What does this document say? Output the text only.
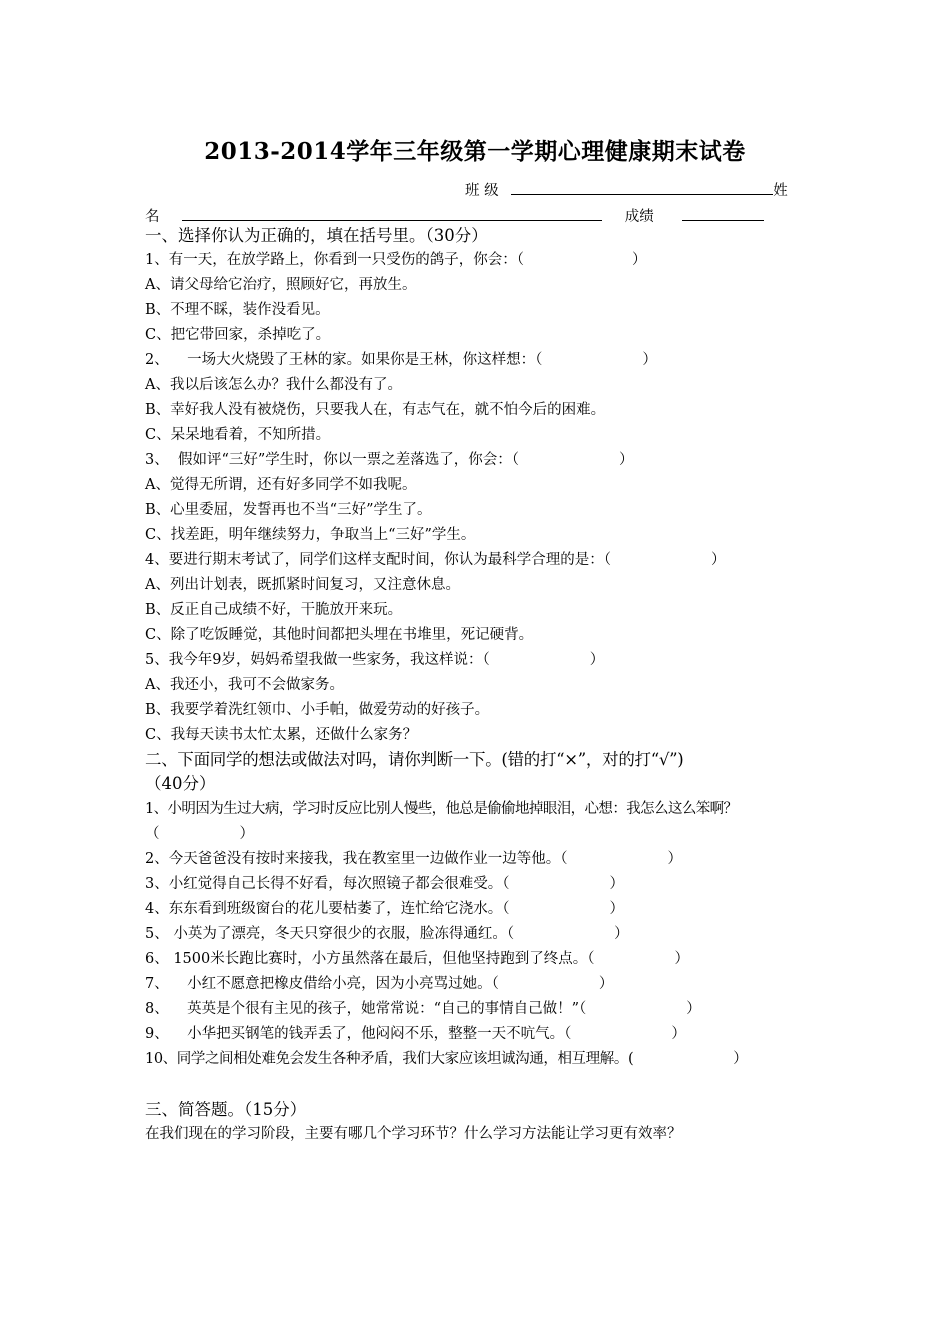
2013-2014学年三年级第一学期心理健康期末试卷
班 级	姓
名	成绩
一、选择你认为正确的，填在括号里。（30分）
1、有一天，在放学路上，你看到一只受伤的鸽子，你会：（	）
A、请父母给它治疗，照顾好它，再放生。
B、不理不睬，装作没看见。
C、把它带回家，杀掉吃了。
2、    一场大火烧毁了王林的家。如果你是王林，你这样想：（	）
A、我以后该怎么办？我什么都没有了。
B、幸好我人没有被烧伤，只要我人在，有志气在，就不怕今后的困难。
C、呆呆地看着，不知所措。
3、  假如评“三好”学生时，你以一票之差落选了，你会：（	）
A、觉得无所谓，还有好多同学不如我呢。
B、心里委屈，发誓再也不当“三好”学生了。
C、找差距，明年继续努力，争取当上“三好”学生。
4、要进行期末考试了，同学们这样支配时间，你认为最科学合理的是：（	）
A、列出计划表，既抓紧时间复习，又注意休息。
B、反正自己成绩不好，干脆放开来玩。
C、除了吃饭睡觉，其他时间都把头埋在书堆里，死记硬背。
5、我今年9岁，妈妈希望我做一些家务，我这样说：（	）
A、我还小，我可不会做家务。
B、我要学着洗红领巾、小手帕，做爱劳动的好孩子。
C、我每天读书太忙太累，还做什么家务？
二、下面同学的想法或做法对吗，请你判断一下。(错的打“×”，对的打“√”)
（40分）
1、小明因为生过大病，学习时反应比别人慢些，他总是偷偷地掉眼泪，心想：我怎么这么笨啊？
（	）
2、今天爸爸没有按时来接我，我在教室里一边做作业一边等他。（	）
3、小红觉得自己长得不好看，每次照镜子都会很难受。（	）
4、东东看到班级窗台的花儿要枯萎了，连忙给它浇水。（	）
5、 小英为了漂亮，冬天只穿很少的衣服，脸冻得通红。（	）
6、 1500米长跑比赛时，小方虽然落在最后，但他坚持跑到了终点。（	）
7、    小红不愿意把橡皮借给小亮，因为小亮骂过她。（	）
8、    英英是个很有主见的孩子，她常常说：“自己的事情自己做！”（	）
9、    小华把买钢笔的钱弄丢了，他闷闷不乐，整整一天不吭气。（	）
10、同学之间相处难免会发生各种矛盾，我们大家应该坦诚沟通，相互理解。(	）
三、简答题。（15分）
在我们现在的学习阶段，主要有哪几个学习环节？什么学习方法能让学习更有效率？
